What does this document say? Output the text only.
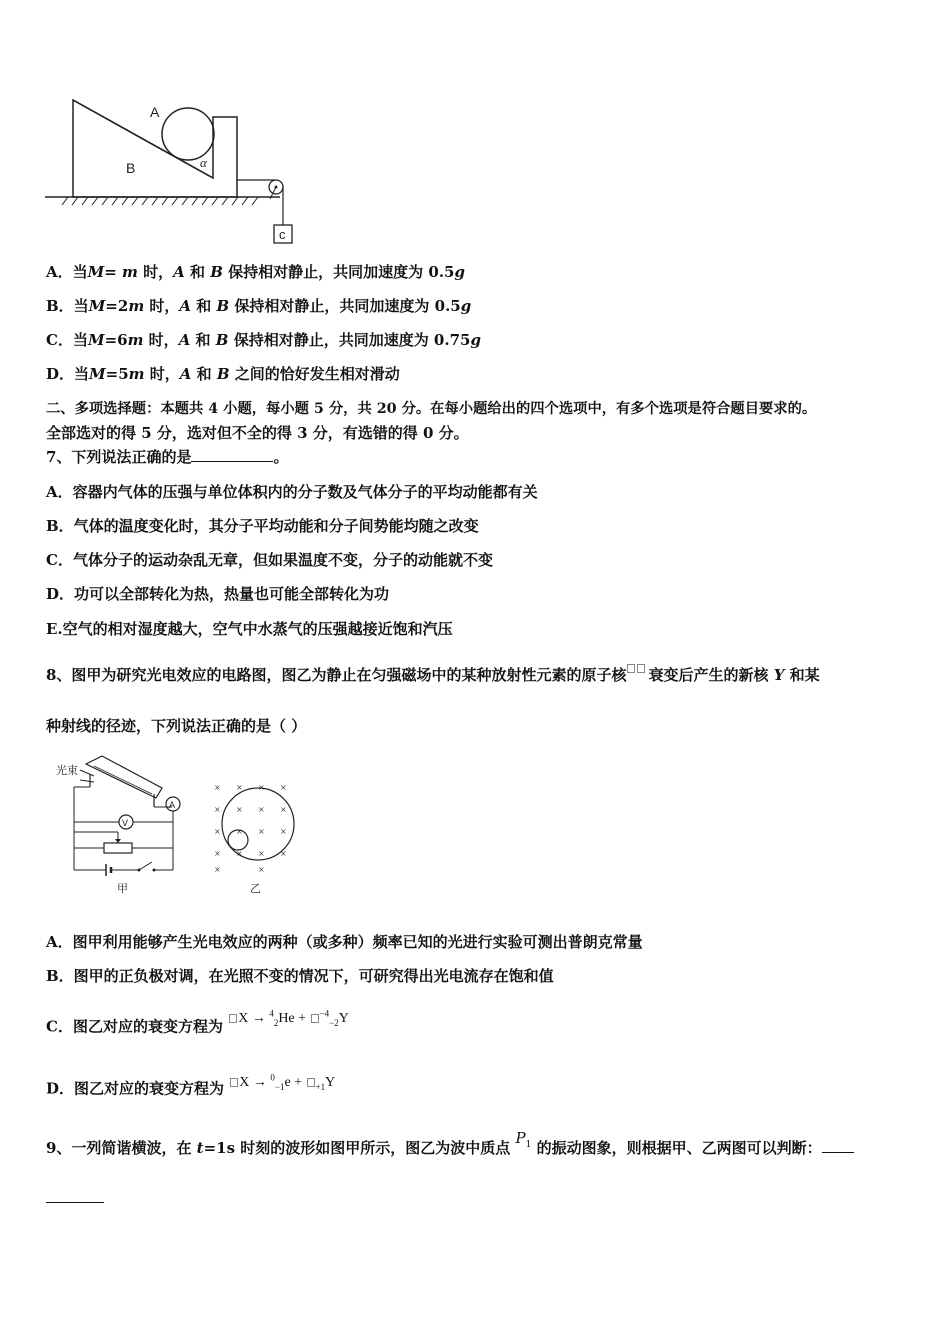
A
B	α
c
A．当M= m 时，A 和 B 保持相对静止，共同加速度为 0.5g
B．当M=2m 时，A 和 B 保持相对静止，共同加速度为 0.5g
C．当M=6m 时，A 和 B 保持相对静止，共同加速度为 0.75g
D．当M=5m 时，A 和 B 之间的恰好发生相对滑动
二、多项选择题：本题共 4 小题，每小题 5 分，共 20 分。在每小题给出的四个选项中，有多个选项是符合题目要求的。
全部选对的得 5 分，选对但不全的得 3 分，有选错的得 0 分。
7、下列说法正确的是	。
A．容器内气体的压强与单位体积内的分子数及气体分子的平均动能都有关
B．气体的温度变化时，其分子平均动能和分子间势能均随之改变
C．气体分子的运动杂乱无章，但如果温度不变，分子的动能就不变
D．功可以全部转化为热，热量也可能全部转化为功
E.空气的相对湿度越大，空气中水蒸气的压强越接近饱和汽压
8、图甲为研究光电效应的电路图，图乙为静止在匀强磁场中的某种放射性元素的原子核 衰变后产生的新核 Y 和某
种射线的径迹，下列说法正确的是（ ）
光束
A
V
甲
× × × ×
× × × ×
× × × ×
× × × ×
×	×
乙
A．图甲利用能够产生光电效应的两种（或多种）频率已知的光进行实验可测出普朗克常量
B．图甲的正负极对调，在光照不变的情况下，可研究得出光电流存在饱和值
C．图乙对应的衰变方程为 X → $^4_2$He + $^{-4}_{-2}$Y
D．图乙对应的衰变方程为 X → $^0_{-1}$e + $_{+1}$Y
9、一列简谐横波，在 t=1s 时刻的波形如图甲所示，图乙为波中质点 $P_1$ 的振动图象，则根据甲、乙两图可以判断：
